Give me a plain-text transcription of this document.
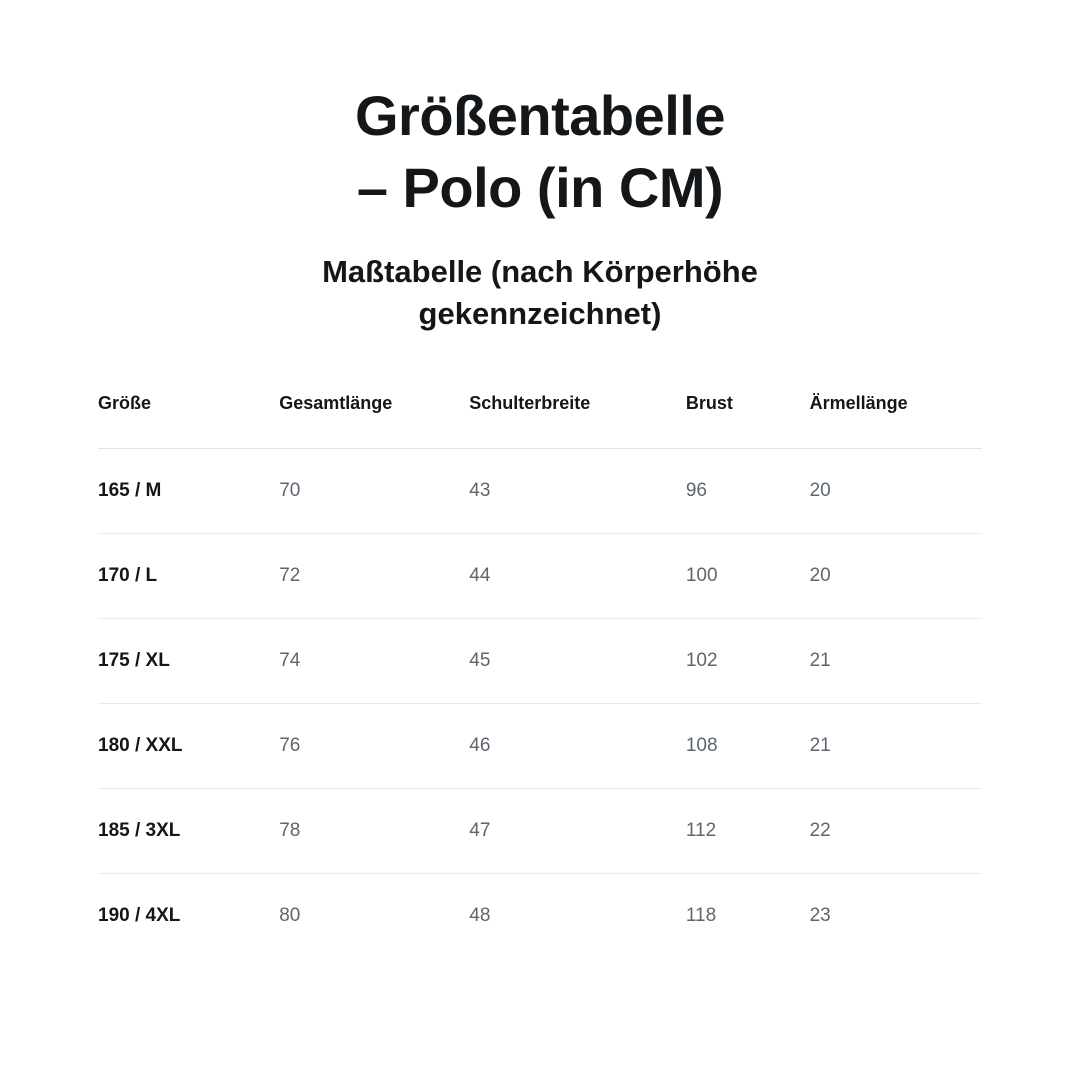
Größentabelle
– Polo (in CM)

Maßtabelle (nach Körperhöhe gekennzeichnet)

Größe	Gesamtlänge	Schulterbreite	Brust	Ärmellänge
165 / M	70	43	96	20
170 / L	72	44	100	20
175 / XL	74	45	102	21
180 / XXL	76	46	108	21
185 / 3XL	78	47	112	22
190 / 4XL	80	48	118	23
